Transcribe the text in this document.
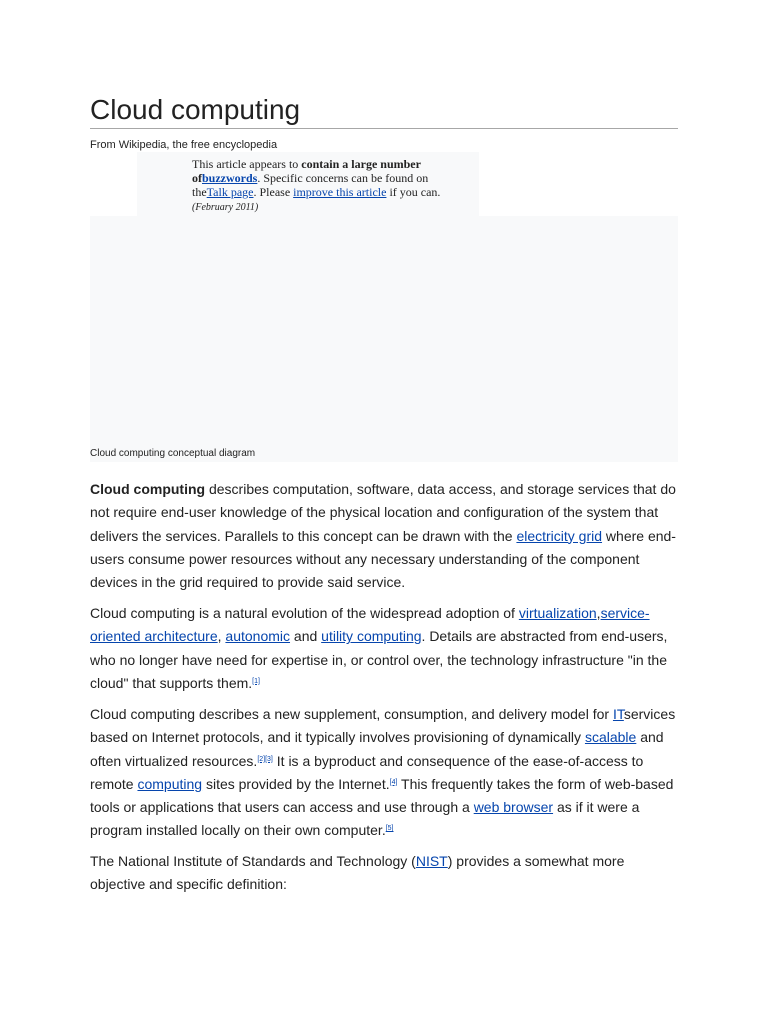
Cloud computing
From Wikipedia, the free encyclopedia
This article appears to contain a large number ofbuzzwords. Specific concerns can be found on theTalk page. Please improve this article if you can.
(February 2011)
Cloud computing conceptual diagram

Cloud computing describes computation, software, data access, and storage services that do not require end-user knowledge of the physical location and configuration of the system that delivers the services. Parallels to this concept can be drawn with the electricity grid where end-users consume power resources without any necessary understanding of the component devices in the grid required to provide said service.

Cloud computing is a natural evolution of the widespread adoption of virtualization,service-oriented architecture, autonomic and utility computing. Details are abstracted from end-users, who no longer have need for expertise in, or control over, the technology infrastructure "in the cloud" that supports them.[1]

Cloud computing describes a new supplement, consumption, and delivery model for ITservices based on Internet protocols, and it typically involves provisioning of dynamically scalable and often virtualized resources.[2][3] It is a byproduct and consequence of the ease-of-access to remote computing sites provided by the Internet.[4] This frequently takes the form of web-based tools or applications that users can access and use through a web browser as if it were a program installed locally on their own computer.[5]

The National Institute of Standards and Technology (NIST) provides a somewhat more objective and specific definition:
